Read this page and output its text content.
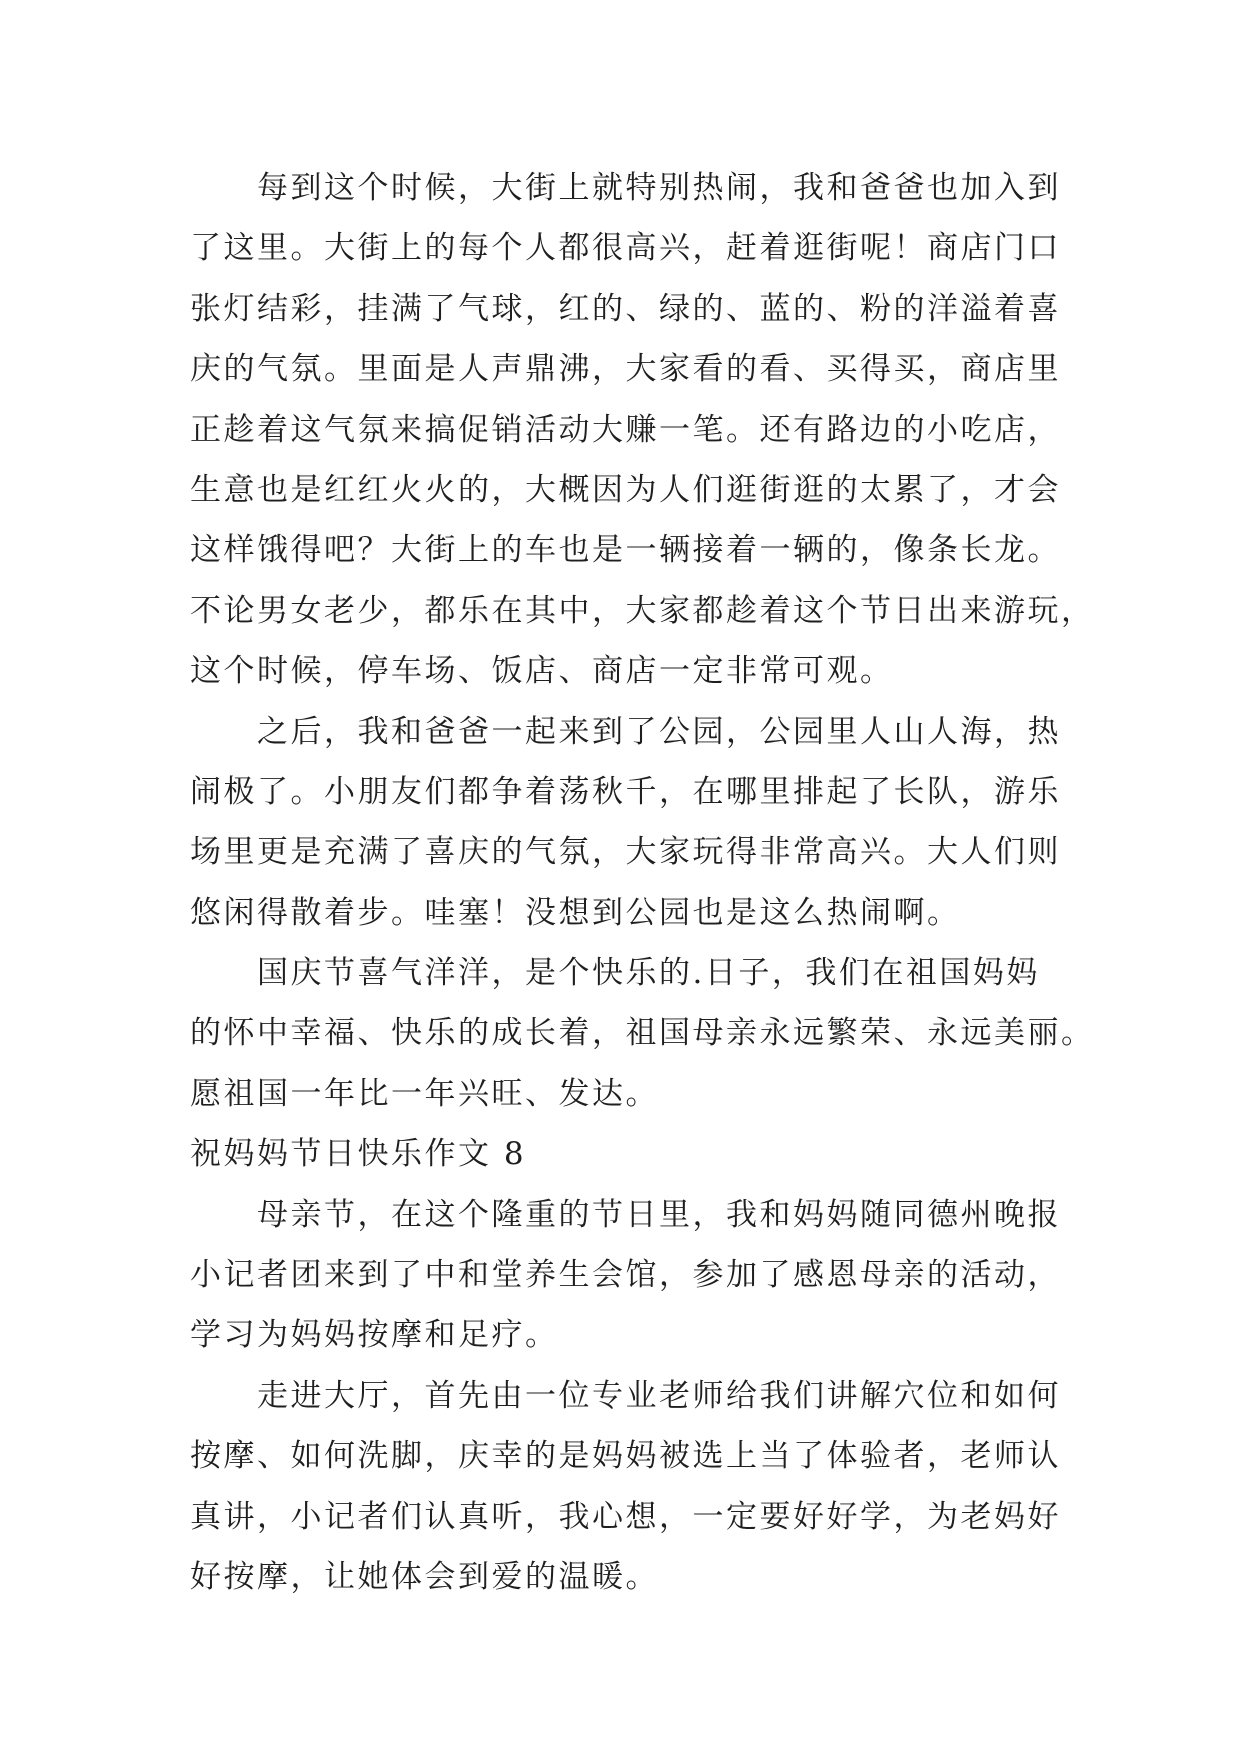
每到这个时候，大街上就特别热闹，我和爸爸也加入到
了这里。大街上的每个人都很高兴，赶着逛街呢！商店门口
张灯结彩，挂满了气球，红的、绿的、蓝的、粉的洋溢着喜
庆的气氛。里面是人声鼎沸，大家看的看、买得买，商店里
正趁着这气氛来搞促销活动大赚一笔。还有路边的小吃店，
生意也是红红火火的，大概因为人们逛街逛的太累了，才会
这样饿得吧？大街上的车也是一辆接着一辆的，像条长龙。
不论男女老少，都乐在其中，大家都趁着这个节日出来游玩，
这个时候，停车场、饭店、商店一定非常可观。
之后，我和爸爸一起来到了公园，公园里人山人海，热
闹极了。小朋友们都争着荡秋千，在哪里排起了长队，游乐
场里更是充满了喜庆的气氛，大家玩得非常高兴。大人们则
悠闲得散着步。哇塞！没想到公园也是这么热闹啊。
国庆节喜气洋洋，是个快乐的.日子，我们在祖国妈妈
的怀中幸福、快乐的成长着，祖国母亲永远繁荣、永远美丽。
愿祖国一年比一年兴旺、发达。
祝妈妈节日快乐作文 8
母亲节，在这个隆重的节日里，我和妈妈随同德州晚报
小记者团来到了中和堂养生会馆，参加了感恩母亲的活动，
学习为妈妈按摩和足疗。
走进大厅，首先由一位专业老师给我们讲解穴位和如何
按摩、如何洗脚，庆幸的是妈妈被选上当了体验者，老师认
真讲，小记者们认真听，我心想，一定要好好学，为老妈好
好按摩，让她体会到爱的温暖。
